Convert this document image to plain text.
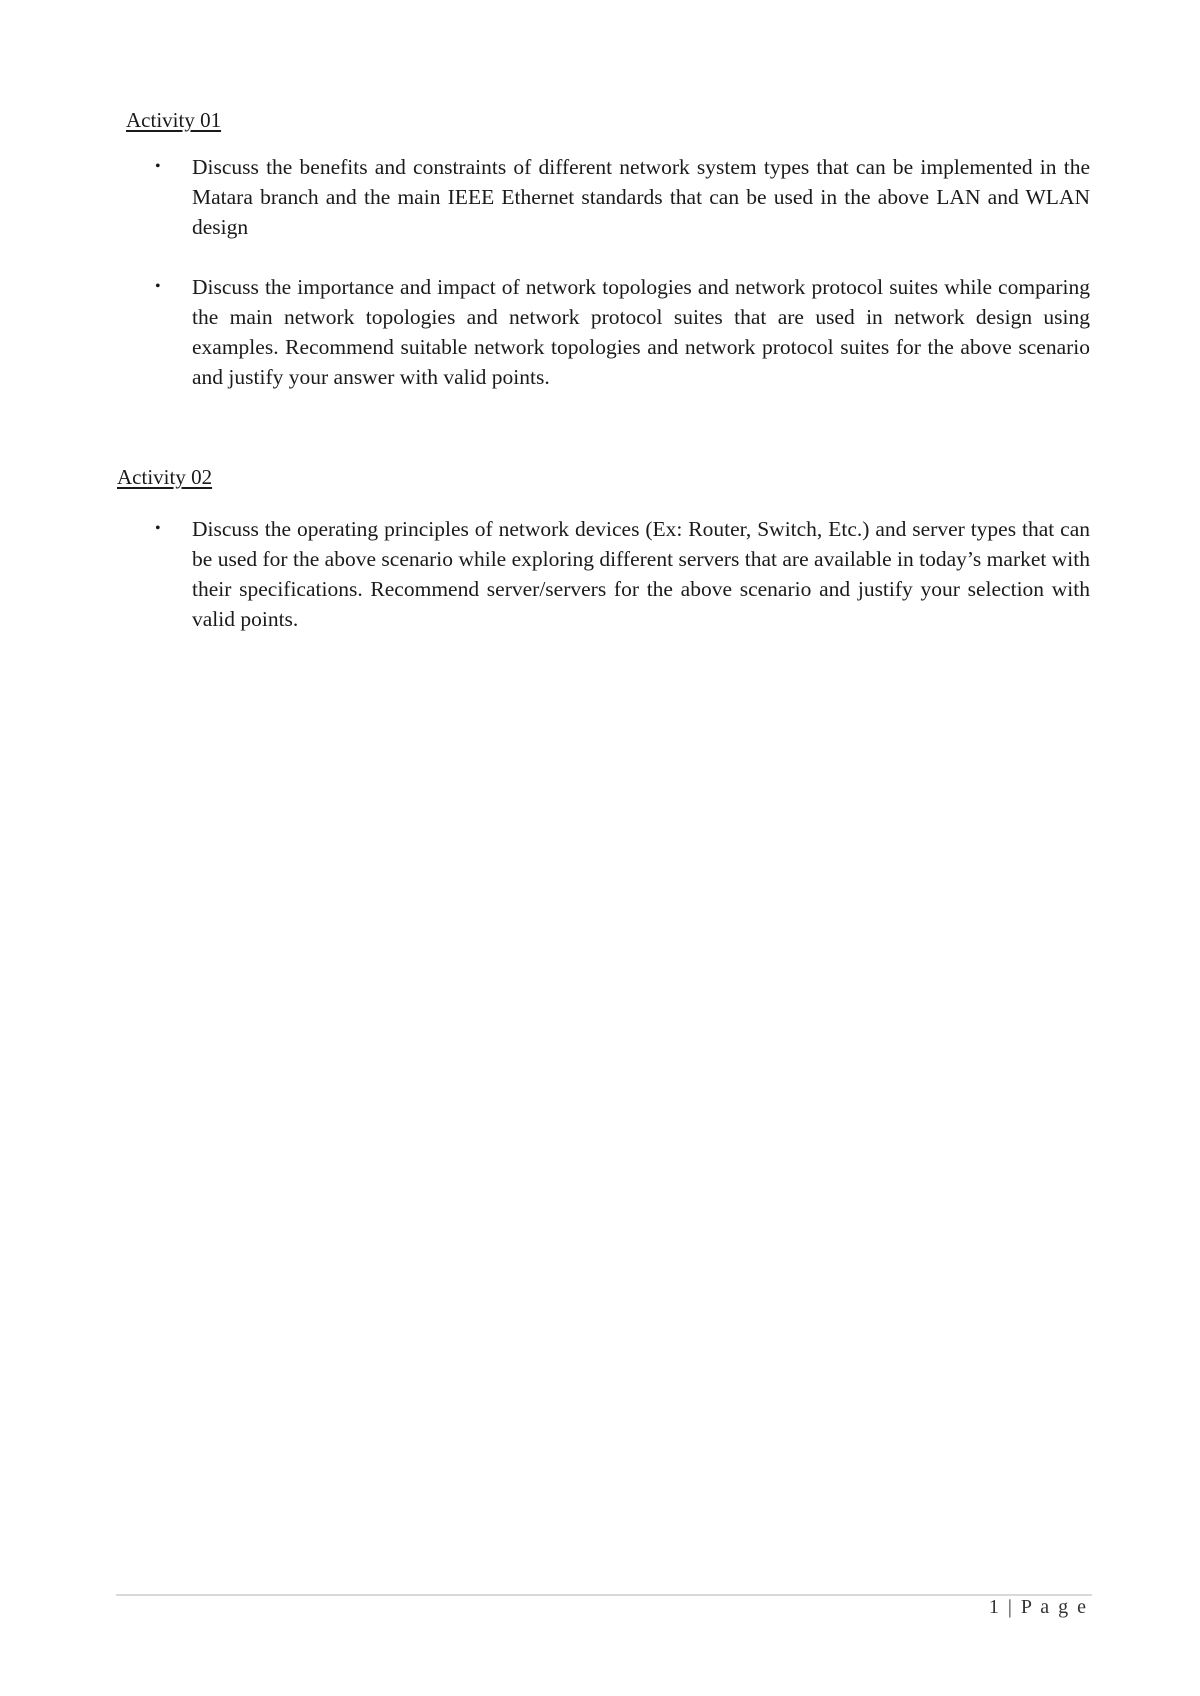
Activity 01
• Discuss the benefits and constraints of different network system types that can be implemented in the Matara branch and the main IEEE Ethernet standards that can be used in the above LAN and WLAN design
• Discuss the importance and impact of network topologies and network protocol suites while comparing the main network topologies and network protocol suites that are used in network design using examples. Recommend suitable network topologies and network protocol suites for the above scenario and justify your answer with valid points.
Activity 02
• Discuss the operating principles of network devices (Ex: Router, Switch, Etc.) and server types that can be used for the above scenario while exploring different servers that are available in today’s market with their specifications. Recommend server/servers for the above scenario and justify your selection with valid points.
1 | P a g e
